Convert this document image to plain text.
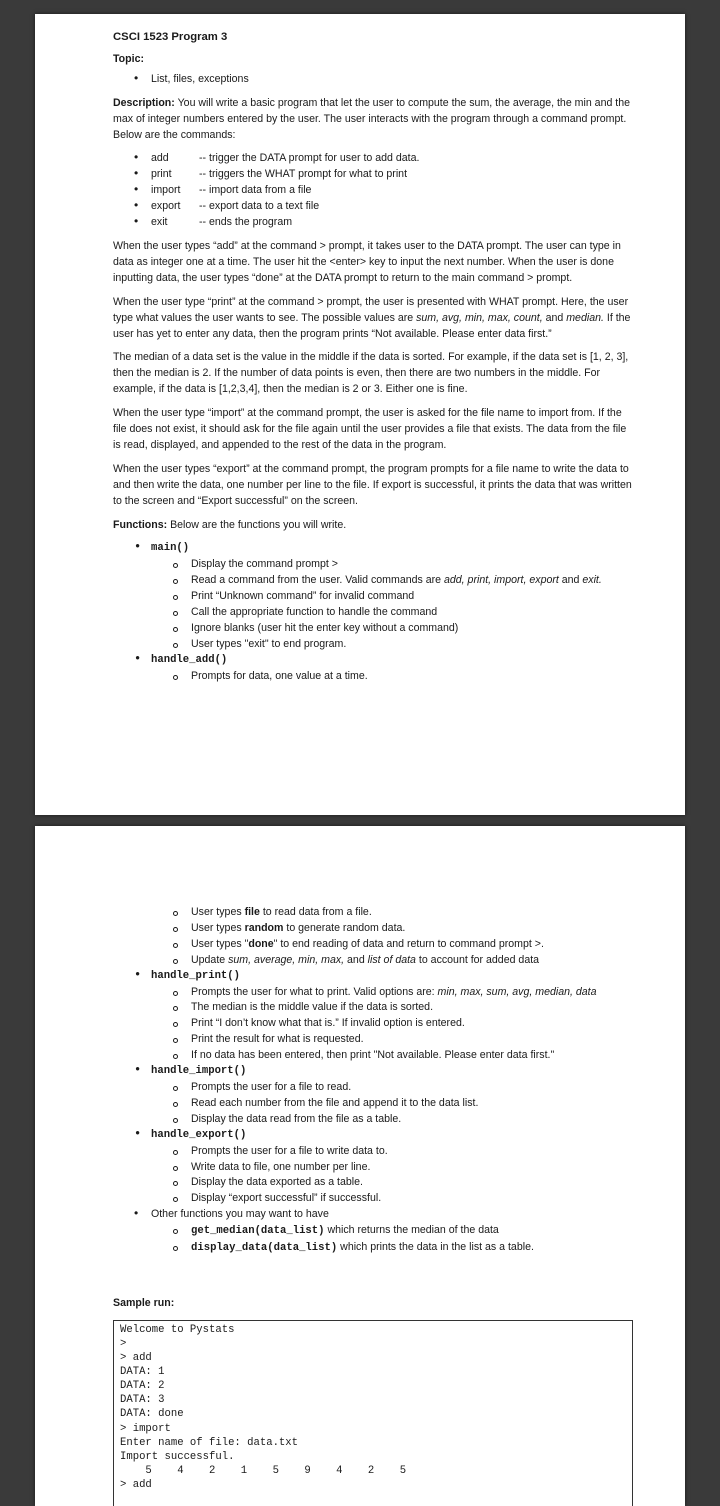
CSCI 1523 Program 3
Topic:
• List, files, exceptions

Description: You will write a basic program that let the user to compute the sum, the average, the min and the max of integer numbers entered by the user. The user interacts with the program through a command prompt. Below are the commands:

• add	-- trigger the DATA prompt for user to add data.
• print	-- triggers the WHAT prompt for what to print
• import -- import data from a file
• export -- export data to a text file
• exit	-- ends the program

When the user types “add” at the command > prompt, it takes user to the DATA prompt. The user can type in data as integer one at a time. The user hit the <enter> key to input the next number. When the user is done inputting data, the user types “done” at the DATA prompt to return to the main command > prompt.

When the user type “print” at the command > prompt, the user is presented with WHAT prompt. Here, the user type what values the user wants to see. The possible values are sum, avg, min, max, count, and median. If the user has yet to enter any data, then the program prints “Not available. Please enter data first.”

The median of a data set is the value in the middle if the data is sorted. For example, if the data set is [1, 2, 3], then the median is 2. If the number of data points is even, then there are two numbers in the middle. For example, if the data is [1,2,3,4], then the median is 2 or 3. Either one is fine.

When the user type “import” at the command prompt, the user is asked for the file name to import from. If the file does not exist, it should ask for the file again until the user provides a file that exists. The data from the file is read, displayed, and appended to the rest of the data in the program.

When the user types “export” at the command prompt, the program prompts for a file name to write the data to and then write the data, one number per line to the file. If export is successful, it prints the data that was written to the screen and “Export successful” on the screen.

Functions: Below are the functions you will write.

• main()
Display the command prompt >
Read a command from the user. Valid commands are add, print, import, export and exit.
Print “Unknown command” for invalid command
Call the appropriate function to handle the command
Ignore blanks (user hit the enter key without a command)
User types "exit" to end program.
• handle_add()
Prompts for data, one value at a time.
User types file to read data from a file.
User types random to generate random data.
User types "done" to end reading of data and return to command prompt >.
Update sum, average, min, max, and list of data to account for added data
• handle_print()
Prompts the user for what to print. Valid options are: min, max, sum, avg, median, data
The median is the middle value if the data is sorted.
Print “I don’t know what that is.” If invalid option is entered.
Print the result for what is requested.
If no data has been entered, then print "Not available. Please enter data first."
• handle_import()
Prompts the user for a file to read.
Read each number from the file and append it to the data list.
Display the data read from the file as a table.
• handle_export()
Prompts the user for a file to write data to.
Write data to file, one number per line.
Display the data exported as a table.
Display “export successful” if successful.
• Other functions you may want to have
get_median(data_list) which returns the median of the data
display_data(data_list) which prints the data in the list as a table.
Sample run:
Welcome to Pystats
>
> add
DATA: 1
DATA: 2
DATA: 3
DATA: done
> import
Enter name of file: data.txt
Import successful.
5    4    2    1    5    9    4    2    5
> add
